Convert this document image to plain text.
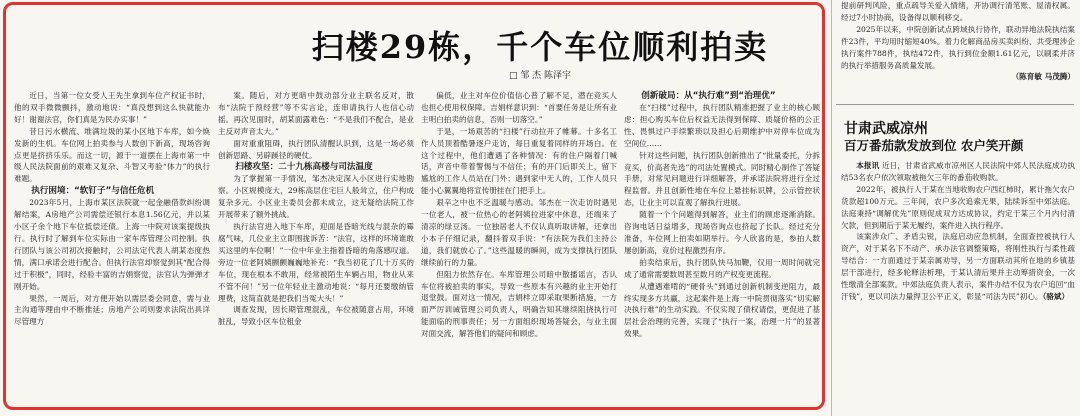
扫楼29栋，千个车位顺利拍卖
□ 邹 杰 陈泽宇

近日，当第一位女受人王先生拿到车位产权证书时，他的双手微微颤抖，激动地说：“真没想到这么快就能办好！谢谢法官，你们真是为民办实事！”

昔日污水横流、堆满垃圾的某小区地下车库，如今焕发新的生机。车位网上拍卖参与人数创下新高，现场咨询点更是挤挤乐乐。而这一切，源于一道摆在上海市第一中级人民法院面前的艰难又复杂、斗智又考验“体力”的执行难题。

执行困境：“软钉子”与信任危机

2023年5月，上海市某区法院就一起金融借款纠纷调解结案，A房地产公司需偿还银行本息1.56亿元，并以某小区子余个地下车位抵偿还债。上海一中院对该案提级执行。执行时了解到车位实际由一家车库管理公司控制。执行团队与该公司初次接触时，公司法定代表人胡某态度热情，满口承诺会进行配合。但执行法官却察觉到其“配合得过于积极”，同时，经验丰富的吉娟察觉，法官认为弹弹才刚开始。

果然，一周后，对方便开始以需层委会同意，需与业主沟通等理由中不断推延；房地产公司则要求法院出具详尽管理方

案。随后，对方更暗中鼓动部分业主联名反对，散布“法院于预经营”等不实言论，连串请执行人也信心动摇。再次见面时，胡某面露难色：“不是我们不配合，是业主反对声音太大。”

面对重重阻碍，执行团队清醒认识到，这是一场必须创新思路、另辟蹊径的硬仗。

扫楼攻坚：二十九栋高楼与司法温度

为了掌握第一手情况，邹杰决定深入小区进行实地勘察。小区规模庞大，29栋高层住宅巨人般耸立，住户构成复杂多元。小区业主委员会都未成立，这无疑给法院工作开展带来了额外挑战。

执行法官进入地下车库，迎面是昏暗光线与混杂的霉腐气味，几位业主立即围拢诉苦：“法官，这样的环境谁敢买这里的车位啊！”一位中年业主指着昏暗的角落感叹道。旁边一位老阿姨颤颤巍巍地补充：“我当初花了几十万买的车位，现在根本不敢用，经常被陌生车辆占用，物业从来不管不问！”另一位年轻业主激动地说：“每月还要缴纳管理费，这简直就是把我们当冤大头！”

调查发现，因长期管理混乱，车位被随意占用，环境脏乱，导致小区车位租金

偏低，业主对车位价值信心普了解不足，潜在竞买人也担心使用权保障。吉娟样意识到：“首要任务是让所有业主明白拍卖的信息，否则一切落空。”

于是，一场艰苦的“扫楼”行动拉开了帷幕。十多名工作人员顶着酷暑逐户走访，每日重复着同样的开场白。在这个过程中，他们遭遇了各种情况：有的住户隔着门喊话，声音中带着警惕与不信任；有的开门后即关上，留下尴尬的工作人员站在门外；遇到家中无人的，工作人员只能小心翼翼地将宣传册挂在门把手上。

艰辛之中也不乏温暖与感动。邹杰在一次走访时遇见一位老人，被一位热心的老阿姨拉进家中休息，还端来了清凉的绿豆汤。一位独居老人不仅认真听取讲解，还拿出小本子仔细记录，翻抖着双手说：“有法院为我们主持公道，我们就放心了。”这些温暖的瞬间，成为支撑执行团队继续前行的力量。

但阻力依然存在。车库管理公司暗中散播谣言，否认车位将被拍卖的事实，导致一些原本有兴趣的业主开始打退堂鼓。面对这一情况，吉娟样立即采取果断措施，一方面严厉训诫管理公司负责人，明确告知其继续阻挠执行可能面临的刑事责任；另一方面组织现场答疑会，与业主面对面交流，解答他们的疑问和顾虑。

创新破局：从“执行难”到“治理优”

在“扫楼”过程中，执行团队精准把握了业主的核心顾虑：担心购买车位后权益无法得到保障、质疑价格的公正性、畏惧过户手续繁琐以及担心后期维护中对停车位成为空间位……

针对这些问题，执行团队创新推出了“批量委托，分拆竞买，价高者先选”的司法处置模式。同时精心制作了答疑手册，对常见问题进行详细解答，并承诺法院将进行全过程监督。并且创新性地在车位上悬挂标识牌，公示管控状态，让业主可以直观了解执行进展。

随着一个个问题得到解答，业主们的顾虑逐渐消除。咨询电话日益增多，现场咨询点也挤起了长队。经过充分准备，车位网上拍卖如期举行。今人欣喜的是，参拍人数屡创新高，竞价过程激烈有序。

拍卖结束后，执行团队快马加鞭，仅用一周时间就完成了通常需要数周甚至数月的产权变更流程。

从遭遇难啃的“硬骨头”到通过创新机制变逆阻力，最终实现多方共赢，这起案件是上海一中院贯彻落实“切实解决执行难”的生动实践。不仅实现了债权请偿，更促进了基层社会治理的完善，实现了“执行一案，治理一片”的显著效果。

提前研判风险，重点疏导关爱入情绪，开协调行清笔账、屋清权属。经过7小时协商，设备得以顺利移交。

2025年以来，中院创新试点跨域执行协作，联动异地法院执结案件23件，平均用时缩短40%。着力化解商品房买卖纠纷、共受理涉企执行案件788件，执结472件，执行到位金额1.61亿元，以刷柔并济的执行举措服务高质量发展。

（陈育敏 马茂腾）

甘肃武威凉州
百万番茄款发放到位 农户笑开颜

本报讯 近日，甘肃省武威市凉州区人民法院中郊人民法庭成功执结53名农户依次领取被拖欠三年的番茄收购款。

2022年，被执行人于某在当地收购农户西红柿时，累计拖欠农户货款超100万元。三年间，农户多次追索无果，陆续诉至中郊法庭。法庭秉持“调解优先”原则促成双方达成协议，约定于某三个月内付清欠款，但到期后于某无履约，案件进入执行程序。

该案涉众广、矛盾尖锐，法庭启动应急机制，全面查控被执行人资产，对于某名下不动产、承办法官调整策略，将刚性执行与柔性疏导结合：一方面通过于某亲属劝导，另一方面联动其所在地的乡镇基层干部进行，经多轮释法析理，于某认清后果并主动筹措资金，一次性缴清全部案款。中郊法庭负责人表示，案件办结不仅为农户追回“血汗钱”，更以司法力量捍卫公平正义，彰显“司法为民”初心。（骆斌）
